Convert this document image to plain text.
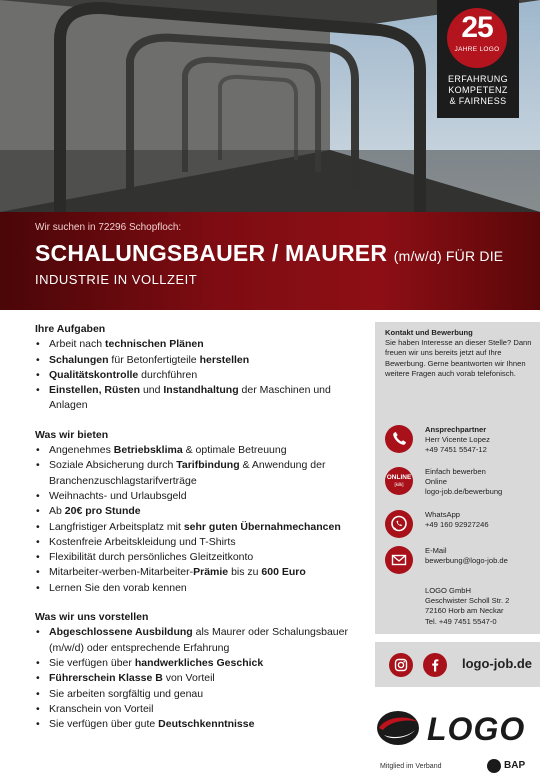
25
JAHRE LOGO
ERFAHRUNG
KOMPETENZ
& FAIRNESS
Wir suchen in 72296 Schopfloch:
SCHALUNGSBAUER / MAURER (m/w/d) FÜR DIE
INDUSTRIE IN VOLLZEIT
Ihre Aufgaben
• Arbeit nach technischen Plänen
• Schalungen für Betonfertigteile herstellen
• Qualitätskontrolle durchführen
• Einstellen, Rüsten und Instandhaltung der Maschinen und Anlagen
Was wir bieten
• Angenehmes Betriebsklima & optimale Betreuung
• Soziale Absicherung durch Tarifbindung & Anwendung der Branchenzuschlagstarifverträge
• Weihnachts- und Urlaubsgeld
• Ab 20€ pro Stunde
• Langfristiger Arbeitsplatz mit sehr guten Übernahmechancen
• Kostenfreie Arbeitskleidung und T-Shirts
• Flexibilität durch persönliches Gleitzeitkonto
• Mitarbeiter-werben-Mitarbeiter-Prämie bis zu 600 Euro
• Lernen Sie den vorab kennen
Was wir uns vorstellen
• Abgeschlossene Ausbildung als Maurer oder Schalungsbauer (m/w/d) oder entsprechende Erfahrung
• Sie verfügen über handwerkliches Geschick
• Führerschein Klasse B von Vorteil
• Sie arbeiten sorgfältig und genau
• Kranschein von Vorteil
• Sie verfügen über gute Deutschkenntnisse
Kontakt und Bewerbung
Sie haben Interesse an dieser Stelle? Dann freuen wir uns bereits jetzt auf Ihre Bewerbung. Gerne beantworten wir Ihnen weitere Fragen auch vorab telefonisch.
Ansprechpartner
Herr Vicente Lopez
+49 7451 5547-12
ONLINE
[kilk]
Einfach bewerben
Online
logo-job.de/bewerbung
WhatsApp
+49 160 92927246
E-Mail
bewerbung@logo-job.de
LOGO GmbH
Geschwister Scholl Str. 2
72160 Horb am Neckar
Tel. +49 7451 5547-0
logo-job.de
LOGO
Mitglied im Verband	BAP
